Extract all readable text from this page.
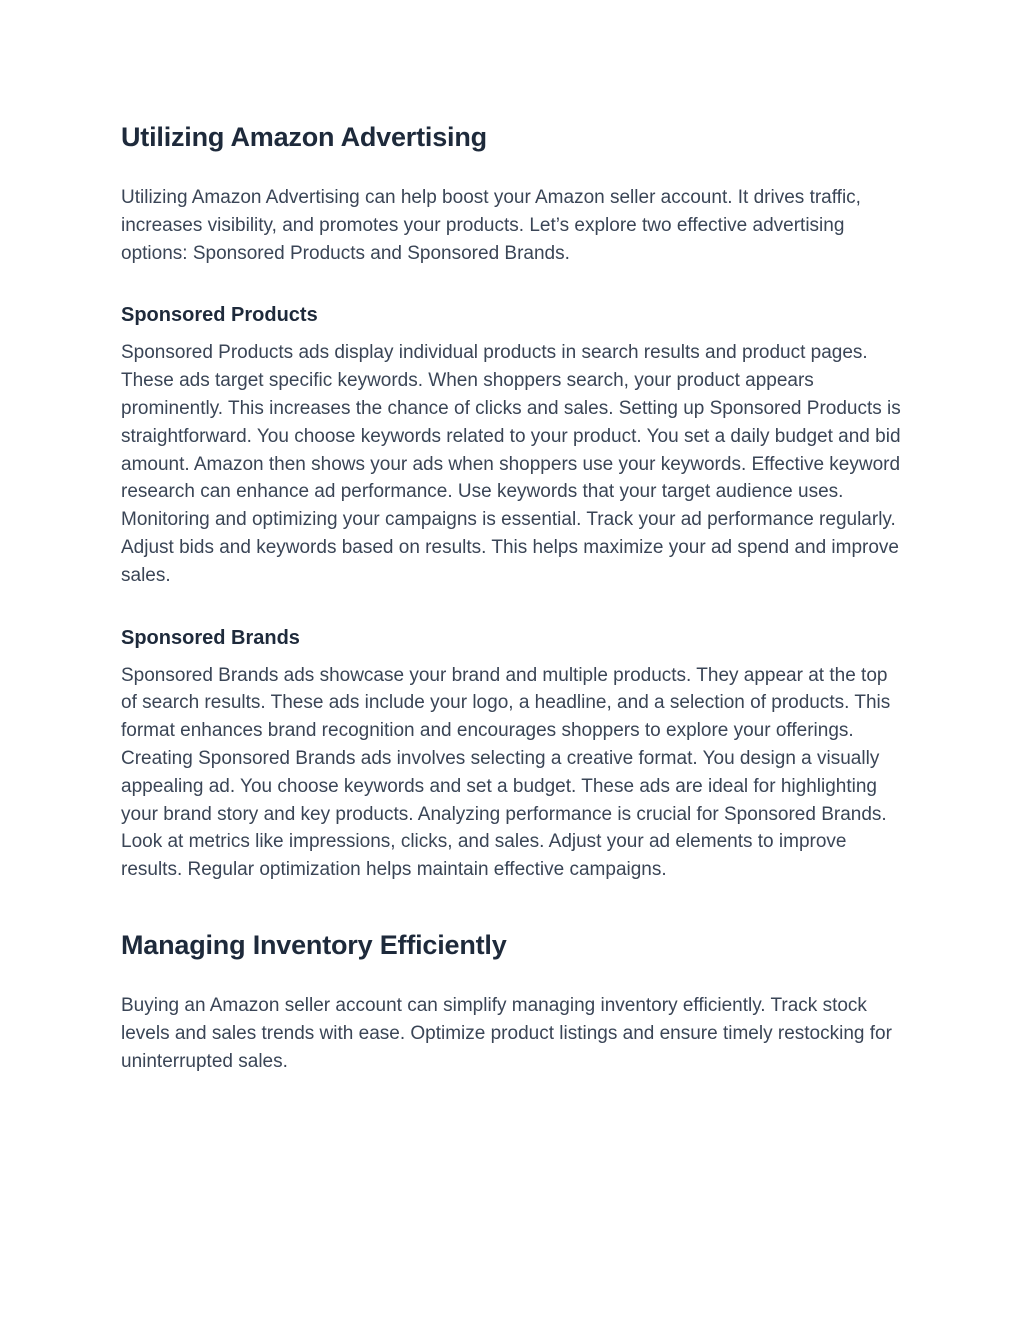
Utilizing Amazon Advertising

Utilizing Amazon Advertising can help boost your Amazon seller account. It drives traffic, increases visibility, and promotes your products. Let’s explore two effective advertising options: Sponsored Products and Sponsored Brands.

Sponsored Products

Sponsored Products ads display individual products in search results and product pages. These ads target specific keywords. When shoppers search, your product appears prominently. This increases the chance of clicks and sales. Setting up Sponsored Products is straightforward. You choose keywords related to your product. You set a daily budget and bid amount. Amazon then shows your ads when shoppers use your keywords. Effective keyword research can enhance ad performance. Use keywords that your target audience uses. Monitoring and optimizing your campaigns is essential. Track your ad performance regularly. Adjust bids and keywords based on results. This helps maximize your ad spend and improve sales.

Sponsored Brands

Sponsored Brands ads showcase your brand and multiple products. They appear at the top of search results. These ads include your logo, a headline, and a selection of products. This format enhances brand recognition and encourages shoppers to explore your offerings. Creating Sponsored Brands ads involves selecting a creative format. You design a visually appealing ad. You choose keywords and set a budget. These ads are ideal for highlighting your brand story and key products. Analyzing performance is crucial for Sponsored Brands. Look at metrics like impressions, clicks, and sales. Adjust your ad elements to improve results. Regular optimization helps maintain effective campaigns.

Managing Inventory Efficiently

Buying an Amazon seller account can simplify managing inventory efficiently. Track stock levels and sales trends with ease. Optimize product listings and ensure timely restocking for uninterrupted sales.
